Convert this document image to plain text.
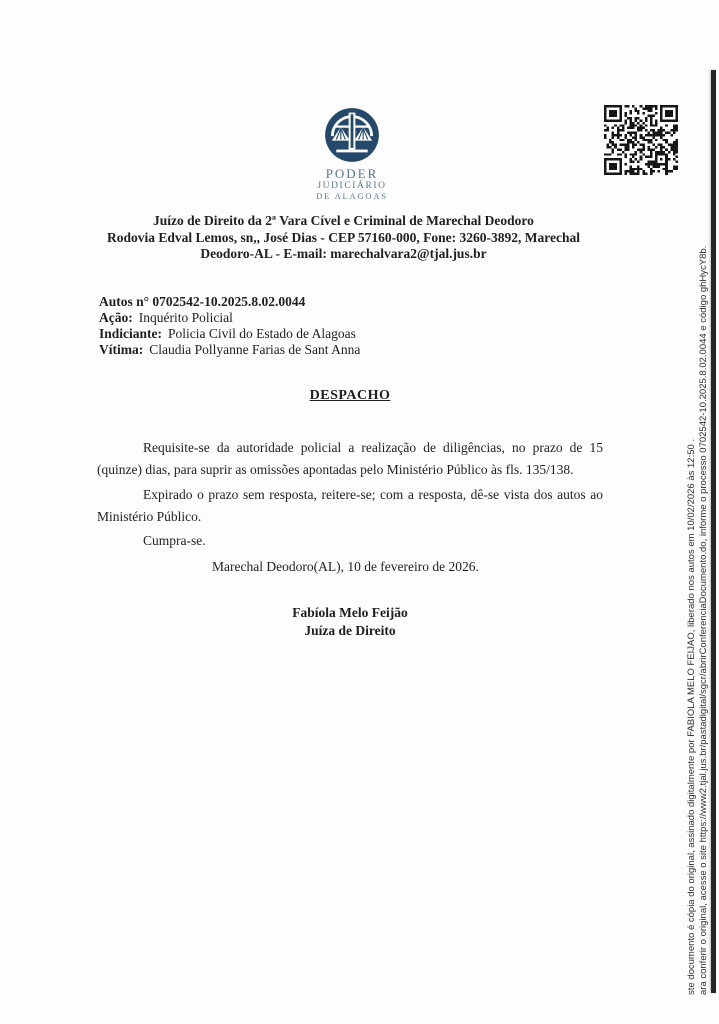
PODER
JUDICIÁRIO
DE ALAGOAS
Juízo de Direito da 2ª Vara Cível e Criminal de Marechal Deodoro
Rodovia Edval Lemos, sn,, José Dias - CEP 57160-000, Fone: 3260-3892, Marechal
Deodoro-AL - E-mail: marechalvara2@tjal.jus.br
Autos n° 0702542-10.2025.8.02.0044
Ação: Inquérito Policial
Indiciante: Policia Civil do Estado de Alagoas
Vítima: Claudia Pollyanne Farias de Sant Anna
DESPACHO

Requisite-se da autoridade policial a realização de diligências, no prazo de 15 (quinze) dias, para suprir as omissões apontadas pelo Ministério Público às fls. 135/138.

Expirado o prazo sem resposta, reitere-se; com a resposta, dê-se vista dos autos ao Ministério Público.

Cumpra-se.

Marechal Deodoro(AL), 10 de fevereiro de 2026.

Fabíola Melo Feijão
Juíza de Direito	ste documento é cópia do original, assinado digitalmente por FABIOLA MELO FEIJAO, liberado nos autos em 10/02/2026 às 12:50 . ara conferir o original, acesse o site https://www2.tjal.jus.br/pastadigital/sgcr/abrirConferenciaDocumento.do, informe o processo 0702542-10.2025.8.02.0044 e código ghHycY8b.
